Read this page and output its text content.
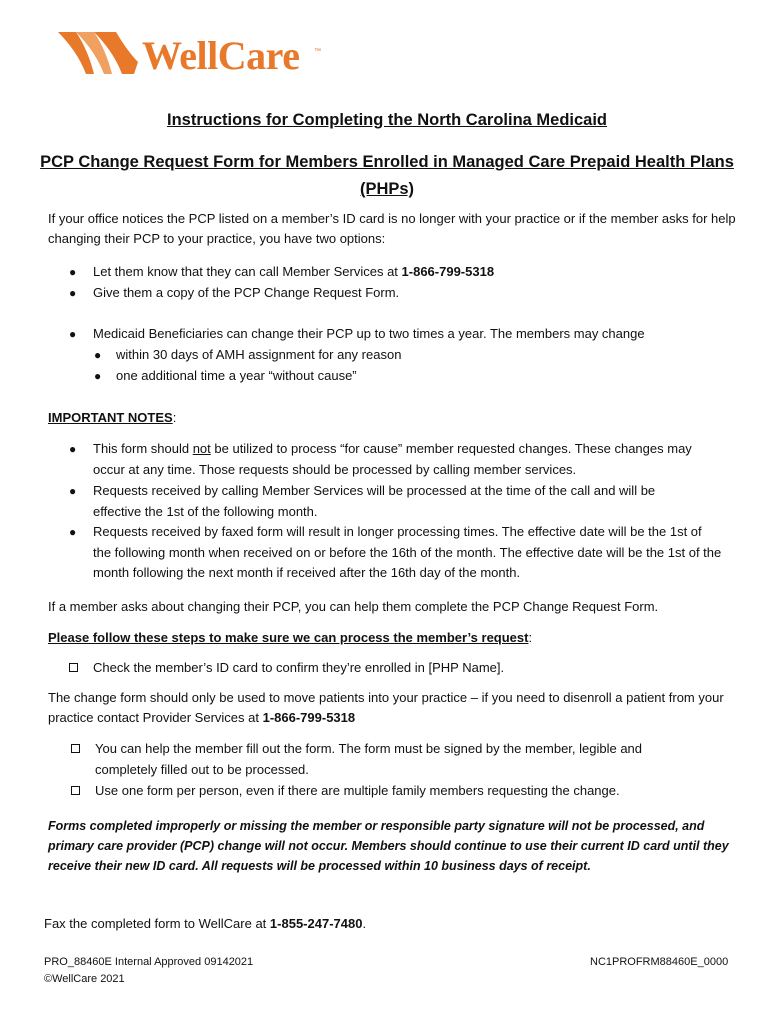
WellCare ™
Instructions for Completing the North Carolina Medicaid
PCP Change Request Form for Members Enrolled in Managed Care Prepaid Health Plans (PHPs)

If your office notices the PCP listed on a member’s ID card is no longer with your practice or if the member asks for help changing their PCP to your practice, you have two options:

● Let them know that they can call Member Services at 1-866-799-5318
● Give them a copy of the PCP Change Request Form.
● Medicaid Beneficiaries can change their PCP up to two times a year. The members may change
● within 30 days of AMH assignment for any reason
● one additional time a year “without cause”

IMPORTANT NOTES:

● This form should not be utilized to process “for cause” member requested changes. These changes may occur at any time. Those requests should be processed by calling member services.
● Requests received by calling Member Services will be processed at the time of the call and will be effective the 1st of the following month.
● Requests received by faxed form will result in longer processing times. The effective date will be the 1st of the following month when received on or before the 16th of the month. The effective date will be the 1st of the month following the next month if received after the 16th day of the month.

If a member asks about changing their PCP, you can help them complete the PCP Change Request Form.

Please follow these steps to make sure we can process the member’s request:

Check the member’s ID card to confirm they’re enrolled in [PHP Name].

The change form should only be used to move patients into your practice – if you need to disenroll a patient from your practice contact Provider Services at 1-866-799-5318

You can help the member fill out the form. The form must be signed by the member, legible and completely filled out to be processed.
Use one form per person, even if there are multiple family members requesting the change.

Forms completed improperly or missing the member or responsible party signature will not be processed, and primary care provider (PCP) change will not occur. Members should continue to use their current ID card until they receive their new ID card. All requests will be processed within 10 business days of receipt.

Fax the completed form to WellCare at 1-855-247-7480.

PRO_88460E Internal Approved 09142021
©WellCare 2021
NC1PROFRM88460E_0000
